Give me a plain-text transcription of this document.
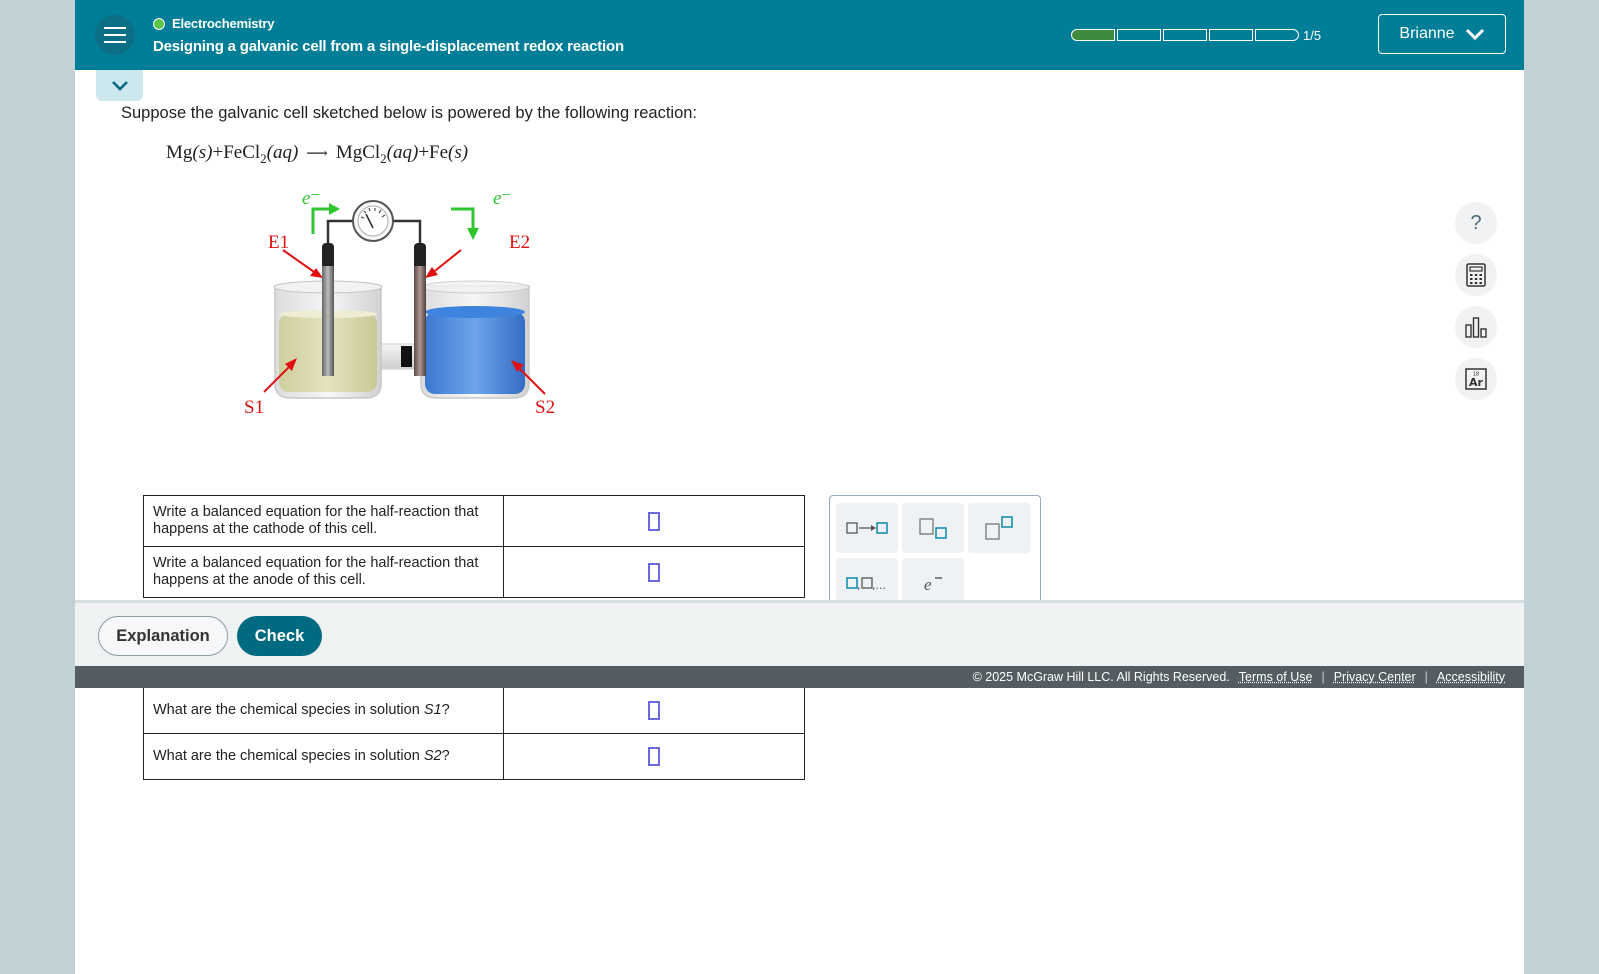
Electrochemistry
Designing a galvanic cell from a single-displacement redox reaction
1/5	Brianne
Suppose the galvanic cell sketched below is powered by the following reaction:
Mg(s)+FeCl$_2$(aq) ⟶ MgCl$_2$(aq)+Fe(s)
e⁻	e⁻
E1	E2
S1	S2
Write a balanced equation for the half-reaction that happens at the cathode of this cell.	
Write a balanced equation for the half-reaction that happens at the anode of this cell.		, ,... e
?
18
Ar
Explanation	Check
© 2025 McGraw Hill LLC. All Rights Reserved. Terms of Use | Privacy Center | Accessibility
What are the chemical species in solution S1?	
What are the chemical species in solution S2?	
